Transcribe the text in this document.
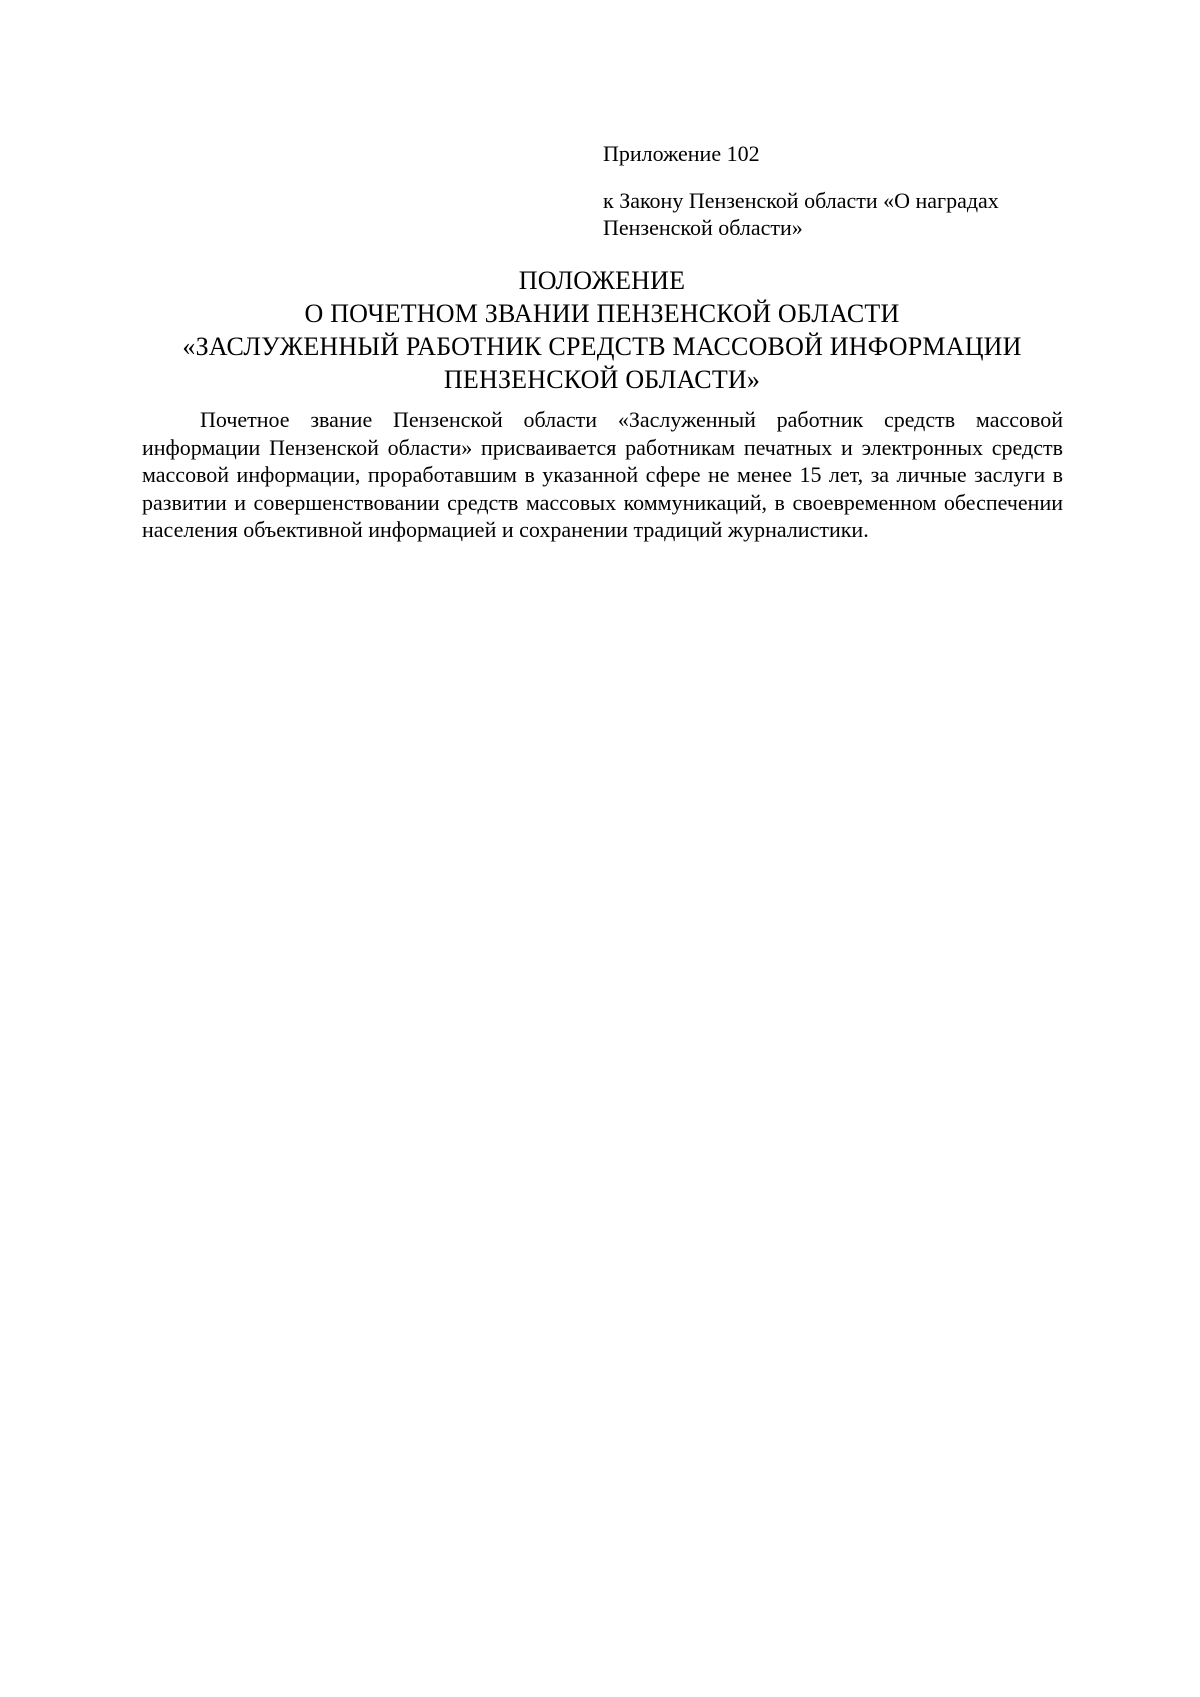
Приложение 102
к Закону Пензенской области «О наградах Пензенской области»
ПОЛОЖЕНИЕ
О ПОЧЕТНОМ ЗВАНИИ ПЕНЗЕНСКОЙ ОБЛАСТИ
«ЗАСЛУЖЕННЫЙ РАБОТНИК СРЕДСТВ МАССОВОЙ ИНФОРМАЦИИ
ПЕНЗЕНСКОЙ ОБЛАСТИ»

Почетное звание Пензенской области «Заслуженный работник средств массовой информации Пензенской области» присваивается работникам печатных и электронных средств массовой информации, проработавшим в указанной сфере не менее 15 лет, за личные заслуги в развитии и совершенствовании средств массовых коммуникаций, в своевременном обеспечении населения объективной информацией и сохранении традиций журналистики.
